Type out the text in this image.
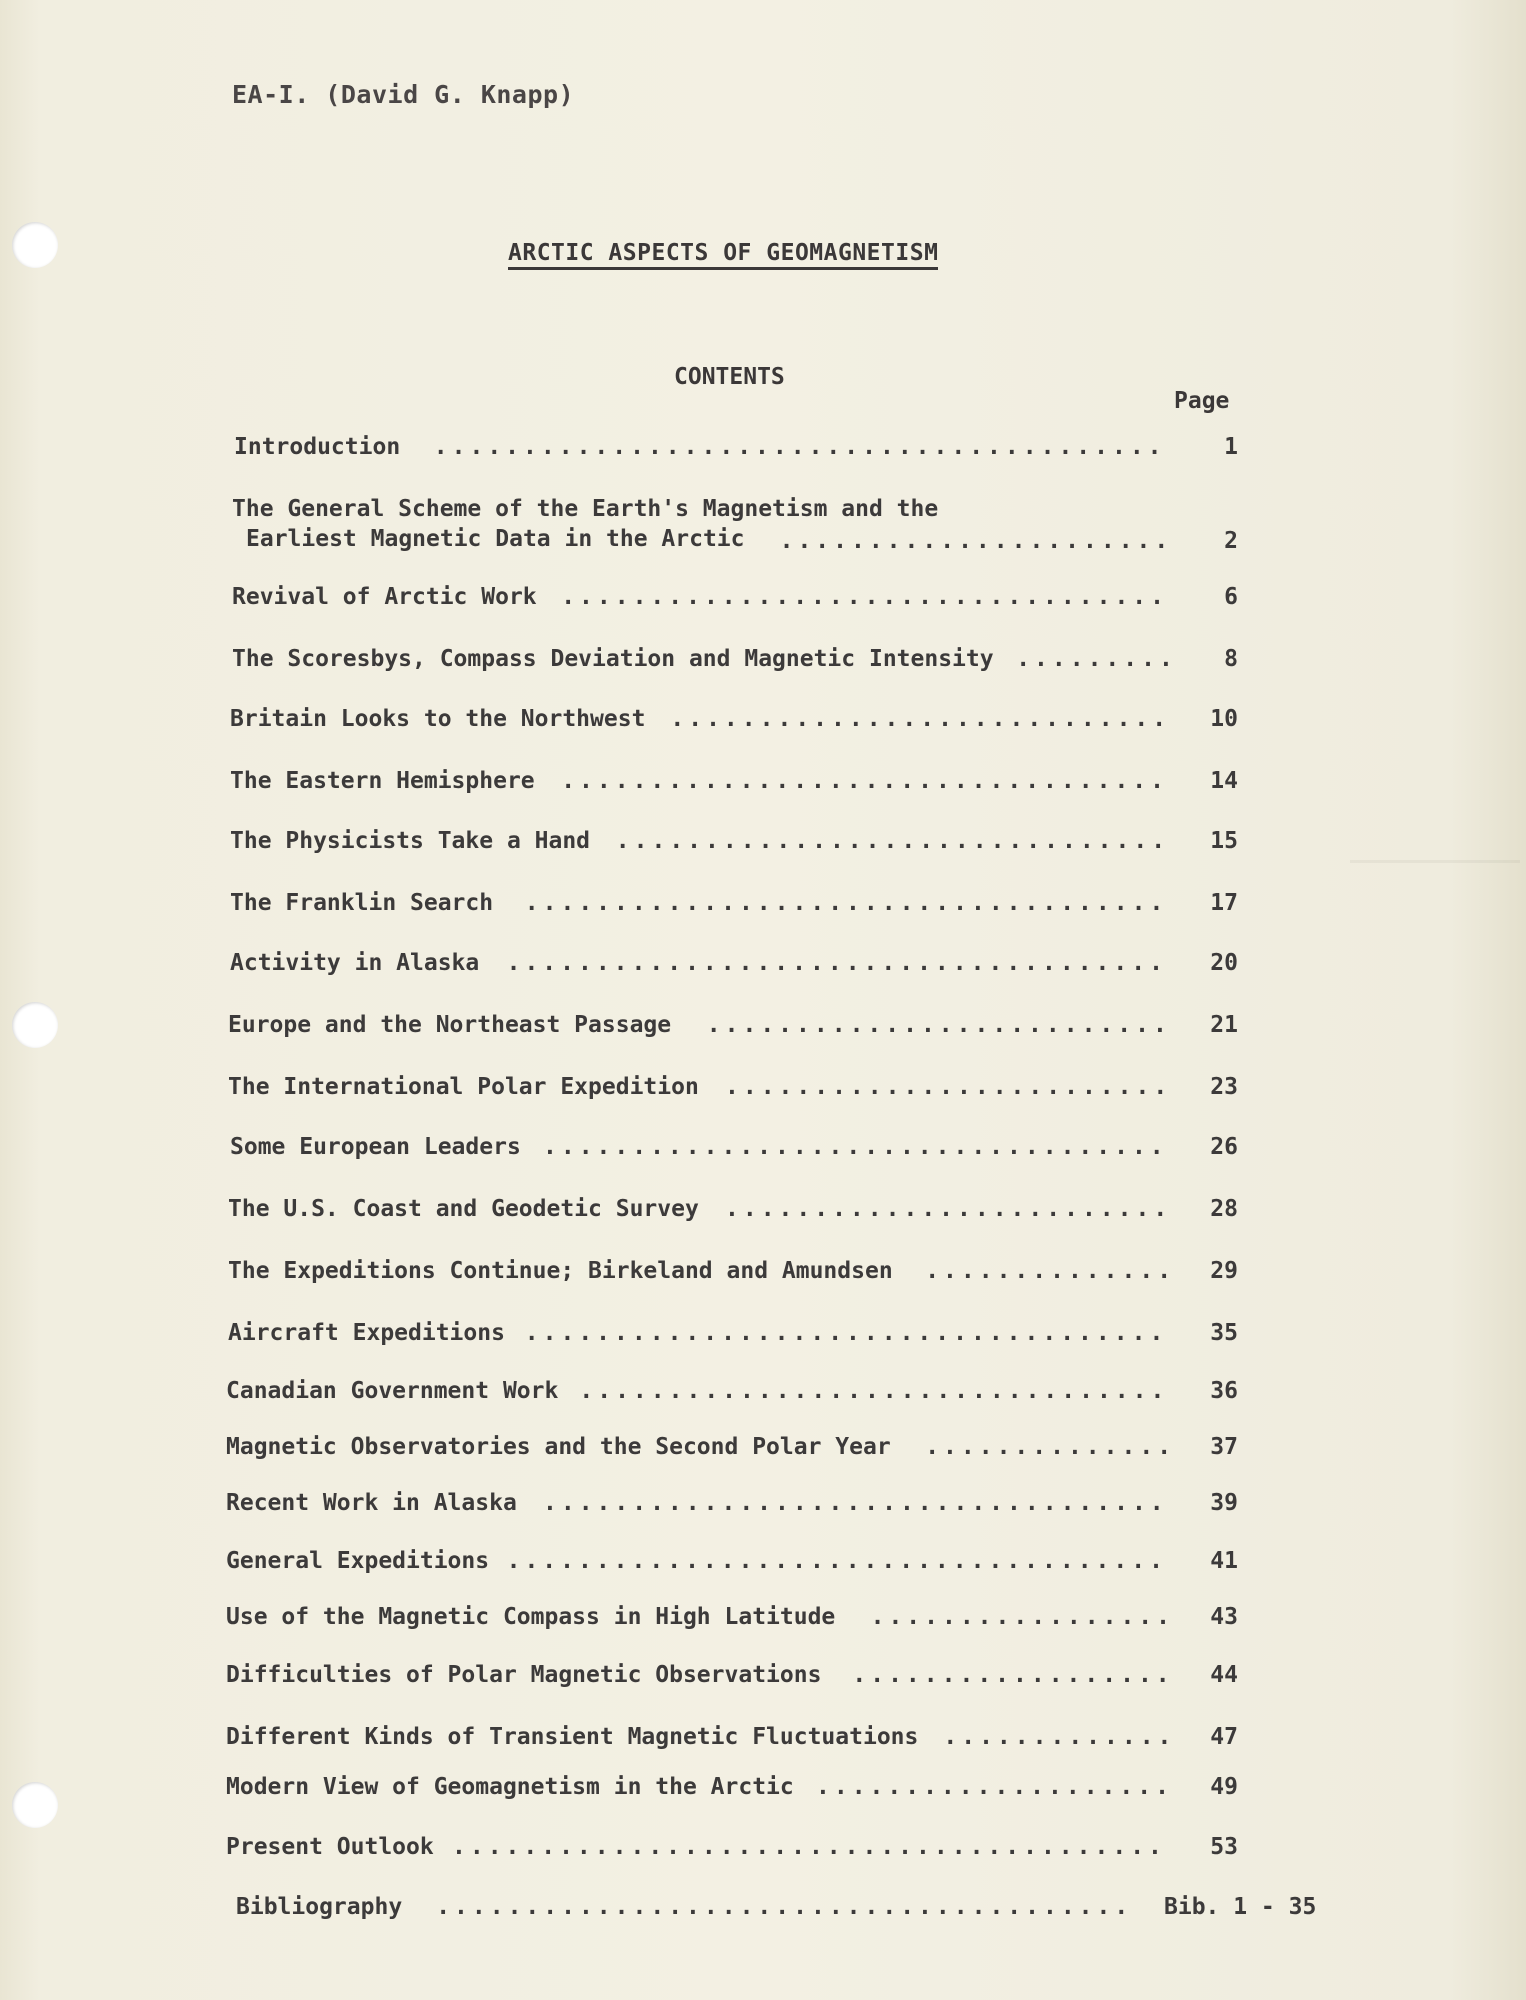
EA-I. (David G. Knapp)
ARCTIC ASPECTS OF GEOMAGNETISM
CONTENTS
Page
Introduction .........................................	1
The General Scheme of the Earth's Magnetism and the
Earliest Magnetic Data in the Arctic	...................... 2
Revival of Arctic Work .................................. 6
The Scoresbys, Compass Deviation and Magnetic Intensity ......... 8
Britain Looks to the Northwest ............................ 10
The Eastern Hemisphere .................................. 14
The Physicists Take a Hand ............................... 15
The Franklin Search .................................... 17
Activity in Alaska ..................................... 20
Europe and the Northeast Passage .......................... 21
The International Polar Expedition ......................... 23
Some European Leaders ................................... 26
The U.S. Coast and Geodetic Survey ......................... 28
The Expeditions Continue; Birkeland and Amundsen .............. 29
Aircraft Expeditions .................................... 35
Canadian Government Work ................................. 36
Magnetic Observatories and the Second Polar Year .............. 37
Recent Work in Alaska ................................... 39
General Expeditions ..................................... 41
Use of the Magnetic Compass in High Latitude ................. 43
Difficulties of Polar Magnetic Observations .................. 44
Different Kinds of Transient Magnetic Fluctuations ............. 47
Modern View of Geomagnetism in the Arctic .................... 49
Present Outlook ........................................ 53
Bibliography ....................................... Bib. 1 - 35
